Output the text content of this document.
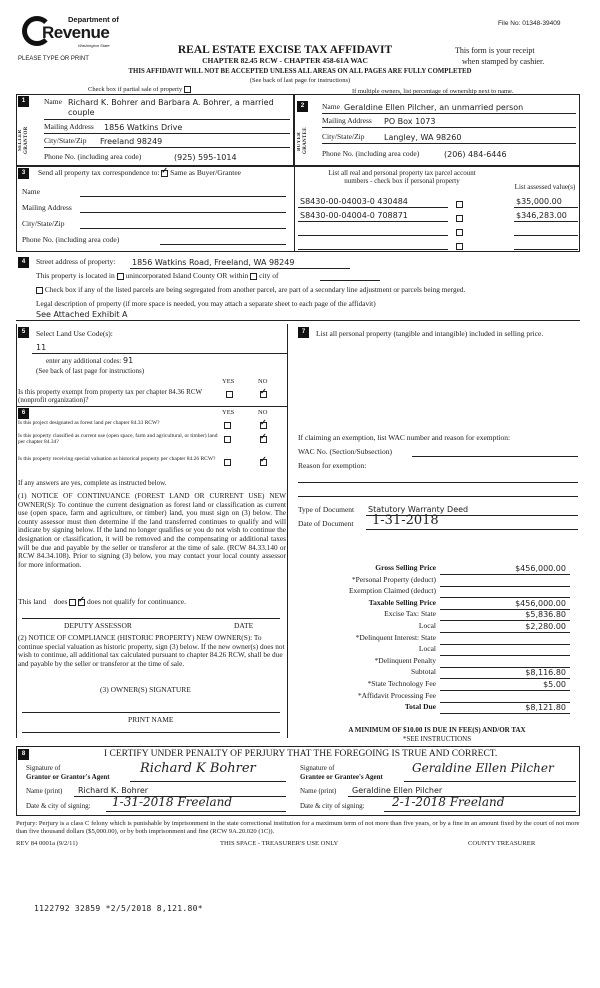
Department of
Revenue
Washington State
PLEASE TYPE OR PRINT
REAL ESTATE EXCISE TAX AFFIDAVIT
CHAPTER 82.45 RCW - CHAPTER 458-61A WAC
THIS AFFIDAVIT WILL NOT BE ACCEPTED UNLESS ALL AREAS ON ALL PAGES ARE FULLY COMPLETED
(See back of last page for instructions)
File No: 01348-39409
This form is your receipt
when stamped by cashier.
Check box if partial sale of property	If multiple owners, list percentage of ownership next to name.
1
SELLER GRANTOR
Name Richard K. Bohrer and Barbara A. Bohrer, a married
couple
Mailing Address 1856 Watkins Drive
City/State/Zip Freeland 98249
Phone No. (including area code)	(925) 595-1014
2
BUYER GRANTEE
Name Geraldine Ellen Pilcher, an unmarried person
Mailing Address PO Box 1073
City/State/Zip Langley, WA 98260
Phone No. (including area code)	(206) 484-6446
3	Send all property tax correspondence to: ✓ Same as Buyer/Grantee
Name
Mailing Address
City/State/Zip
Phone No. (including area code)
List all real and personal property tax parcel account
numbers - check box if personal property
List assessed value(s)
S8430-00-04003-0 430484	$35,000.00
S8430-00-04004-0 708871	$346,283.00
4	Street address of property: 1856 Watkins Road, Freeland, WA 98249
This property is located in unincorporated Island County OR within city of
Check box if any of the listed parcels are being segregated from another parcel, are part of a secondary line adjustment or parcels being merged.
Legal description of property (if more space is needed, you may attach a separate sheet to each page of the affidavit)
See Attached Exhibit A
5	Select Land Use Code(s):
11
enter any additional codes: 91
(See back of last page for instructions)
YES	NO
Is this property exempt from property tax per chapter 84.36 RCW (nonprofit organization)?
✓
6	YES	NO
Is this project designated as forest land per chapter 84.33 RCW?
✓
Is this property classified as current use (open space, farm and agricultural, or timber) land per chapter 84.34?
✓
Is this property receiving special valuation as historical property per chapter 84.26 RCW?
✓
If any answers are yes, complete as instructed below.
(1) NOTICE OF CONTINUANCE (FOREST LAND OR CURRENT USE) NEW OWNER(S): To continue the current designation as forest land or classification as current use (open space, farm and agriculture, or timber) land, you must sign on (3) below. The county assessor must then determine if the land transferred continues to qualify and will indicate by signing below. If the land no longer qualifies or you do not wish to continue the designation or classification, it will be removed and the compensating or additional taxes will be due and payable by the seller or transferor at the time of sale. (RCW 84.33.140 or RCW 84.34.108). Prior to signing (3) below, you may contact your local county assessor for more information.
This land does ✓	does not qualify for continuance.
DEPUTY ASSESSOR	DATE
(2) NOTICE OF COMPLIANCE (HISTORIC PROPERTY) NEW OWNER(S): To continue special valuation as historic property, sign (3) below. If the new owner(s) does not wish to continue, all additional tax calculated pursuant to chapter 84.26 RCW, shall be due and payable by the seller or transferor at the time of sale.
(3) OWNER(S) SIGNATURE
PRINT NAME
7	List all personal property (tangible and intangible) included in selling price.
If claiming an exemption, list WAC number and reason for exemption:
WAC No. (Section/Subsection)
Reason for exemption:
Type of Document Statutory Warranty Deed
Date of Document 1-31-2018
Gross Selling Price	$456,000.00
*Personal Property (deduct)
Exemption Claimed (deduct)
Taxable Selling Price	$456,000.00
Excise Tax: State	$5,836.80
Local	$2,280.00
*Delinquent Interest: State
Local
*Delinquent Penalty
Subtotal	$8,116.80
*State Technology Fee	$5.00
*Affidavit Processing Fee
Total Due	$8,121.80
A MINIMUM OF $10.00 IS DUE IN FEE(S) AND/OR TAX
*SEE INSTRUCTIONS
8	I CERTIFY UNDER PENALTY OF PERJURY THAT THE FOREGOING IS TRUE AND CORRECT.
Signature of
Grantor or Grantor's Agent
Richard K Bohrer
Name (print) Richard K. Bohrer
Date & city of signing: 1-31-2018 Freeland
Signature of
Grantee or Grantee's Agent
Geraldine Ellen Pilcher
Name (print) Geraldine Ellen Pilcher
Date & city of signing: 2-1-2018 Freeland
Perjury: Perjury is a class C felony which is punishable by imprisonment in the state correctional institution for a maximum term of not more than five years, or by a fine in an amount fixed by the court of not more than five thousand dollars ($5,000.00), or by both imprisonment and fine (RCW 9A.20.020 (1C)).
REV 84 0001a (9/2/11)	THIS SPACE - TREASURER'S USE ONLY	COUNTY TREASURER
1122792 32859 *2/5/2018 8,121.80*
